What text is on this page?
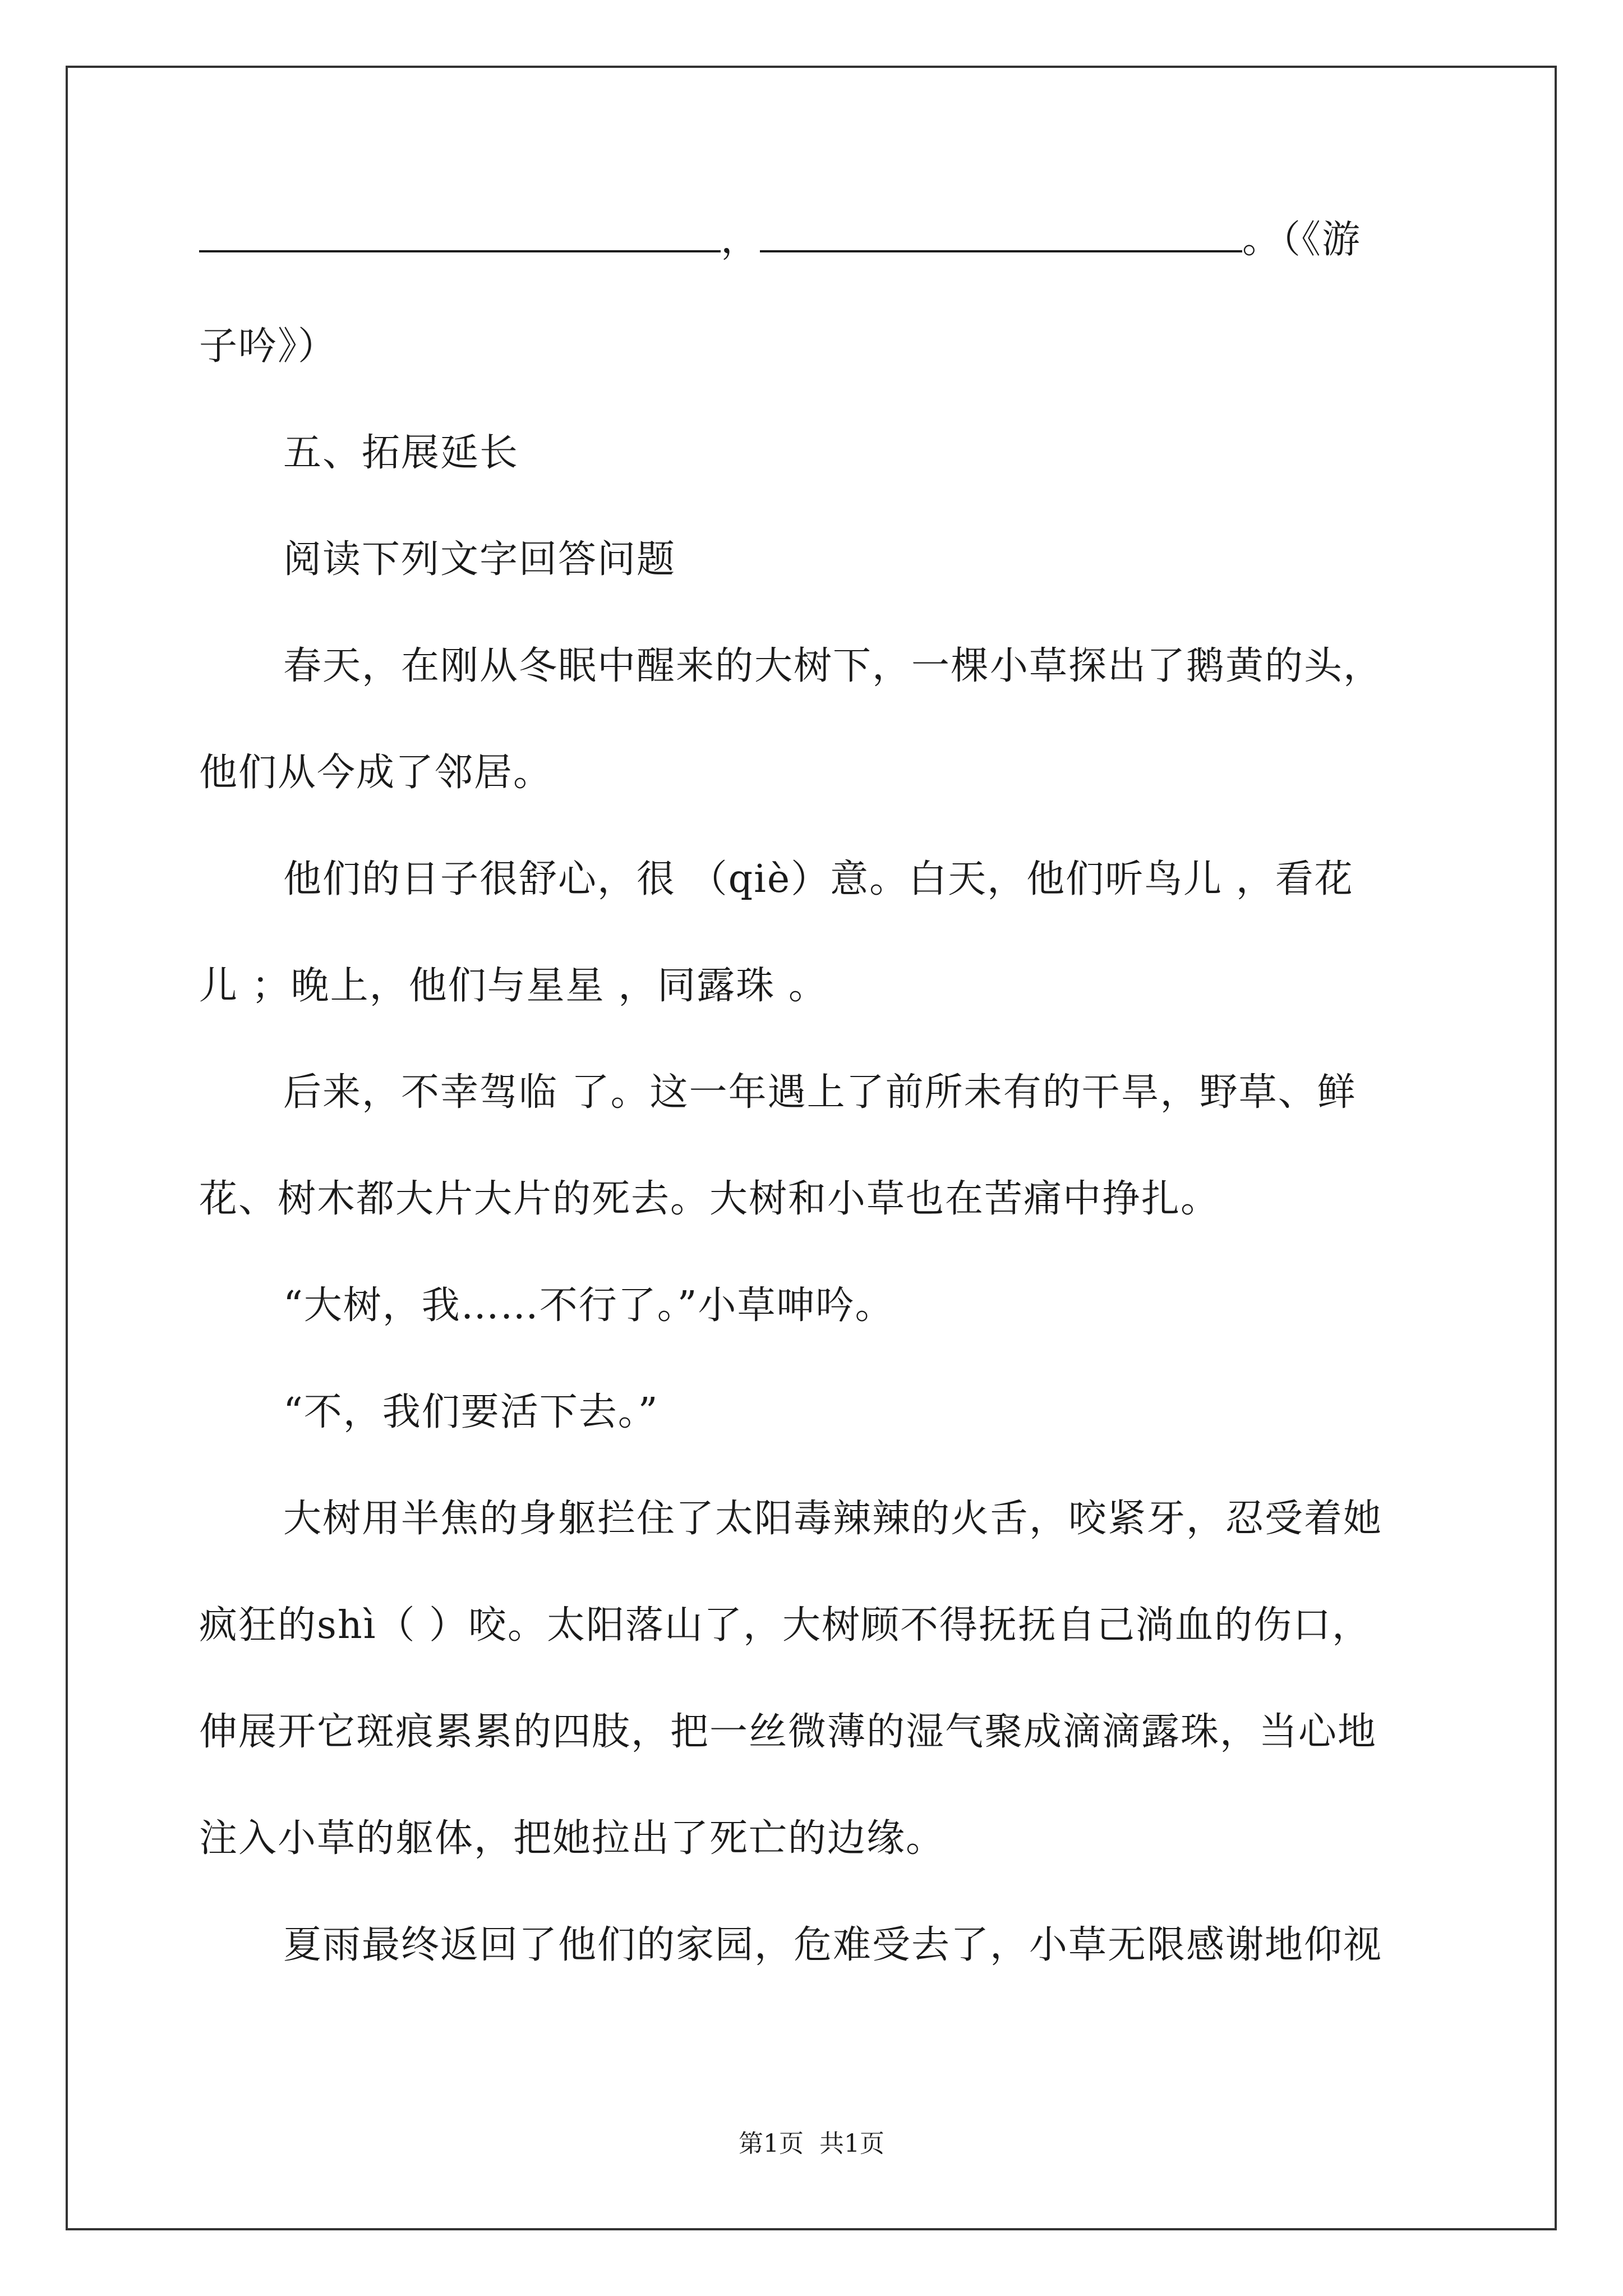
，	。（《游
子吟》）
五、拓展延长
阅读下列文字回答问题
春天，在刚从冬眠中醒来的大树下，一棵小草探出了鹅黄的头，
他们从今成了邻居。
他们的日子很舒心，很 （qiè）意。白天，他们听鸟儿 ，看花
儿 ；晚上，他们与星星 ，同露珠 。
后来，不幸驾临 了。这一年遇上了前所未有的干旱，野草、鲜
花、树木都大片大片的死去。大树和小草也在苦痛中挣扎。
“大树，我……不行了。”小草呻吟。
“不，我们要活下去。”
大树用半焦的身躯拦住了太阳毒辣辣的火舌，咬紧牙，忍受着她
疯狂的shì（ ）咬。太阳落山了，大树顾不得抚抚自己淌血的伤口，
伸展开它斑痕累累的四肢，把一丝微薄的湿气聚成滴滴露珠，当心地
注入小草的躯体，把她拉出了死亡的边缘。
夏雨最终返回了他们的家园，危难受去了，小草无限感谢地仰视
第1页 共1页
